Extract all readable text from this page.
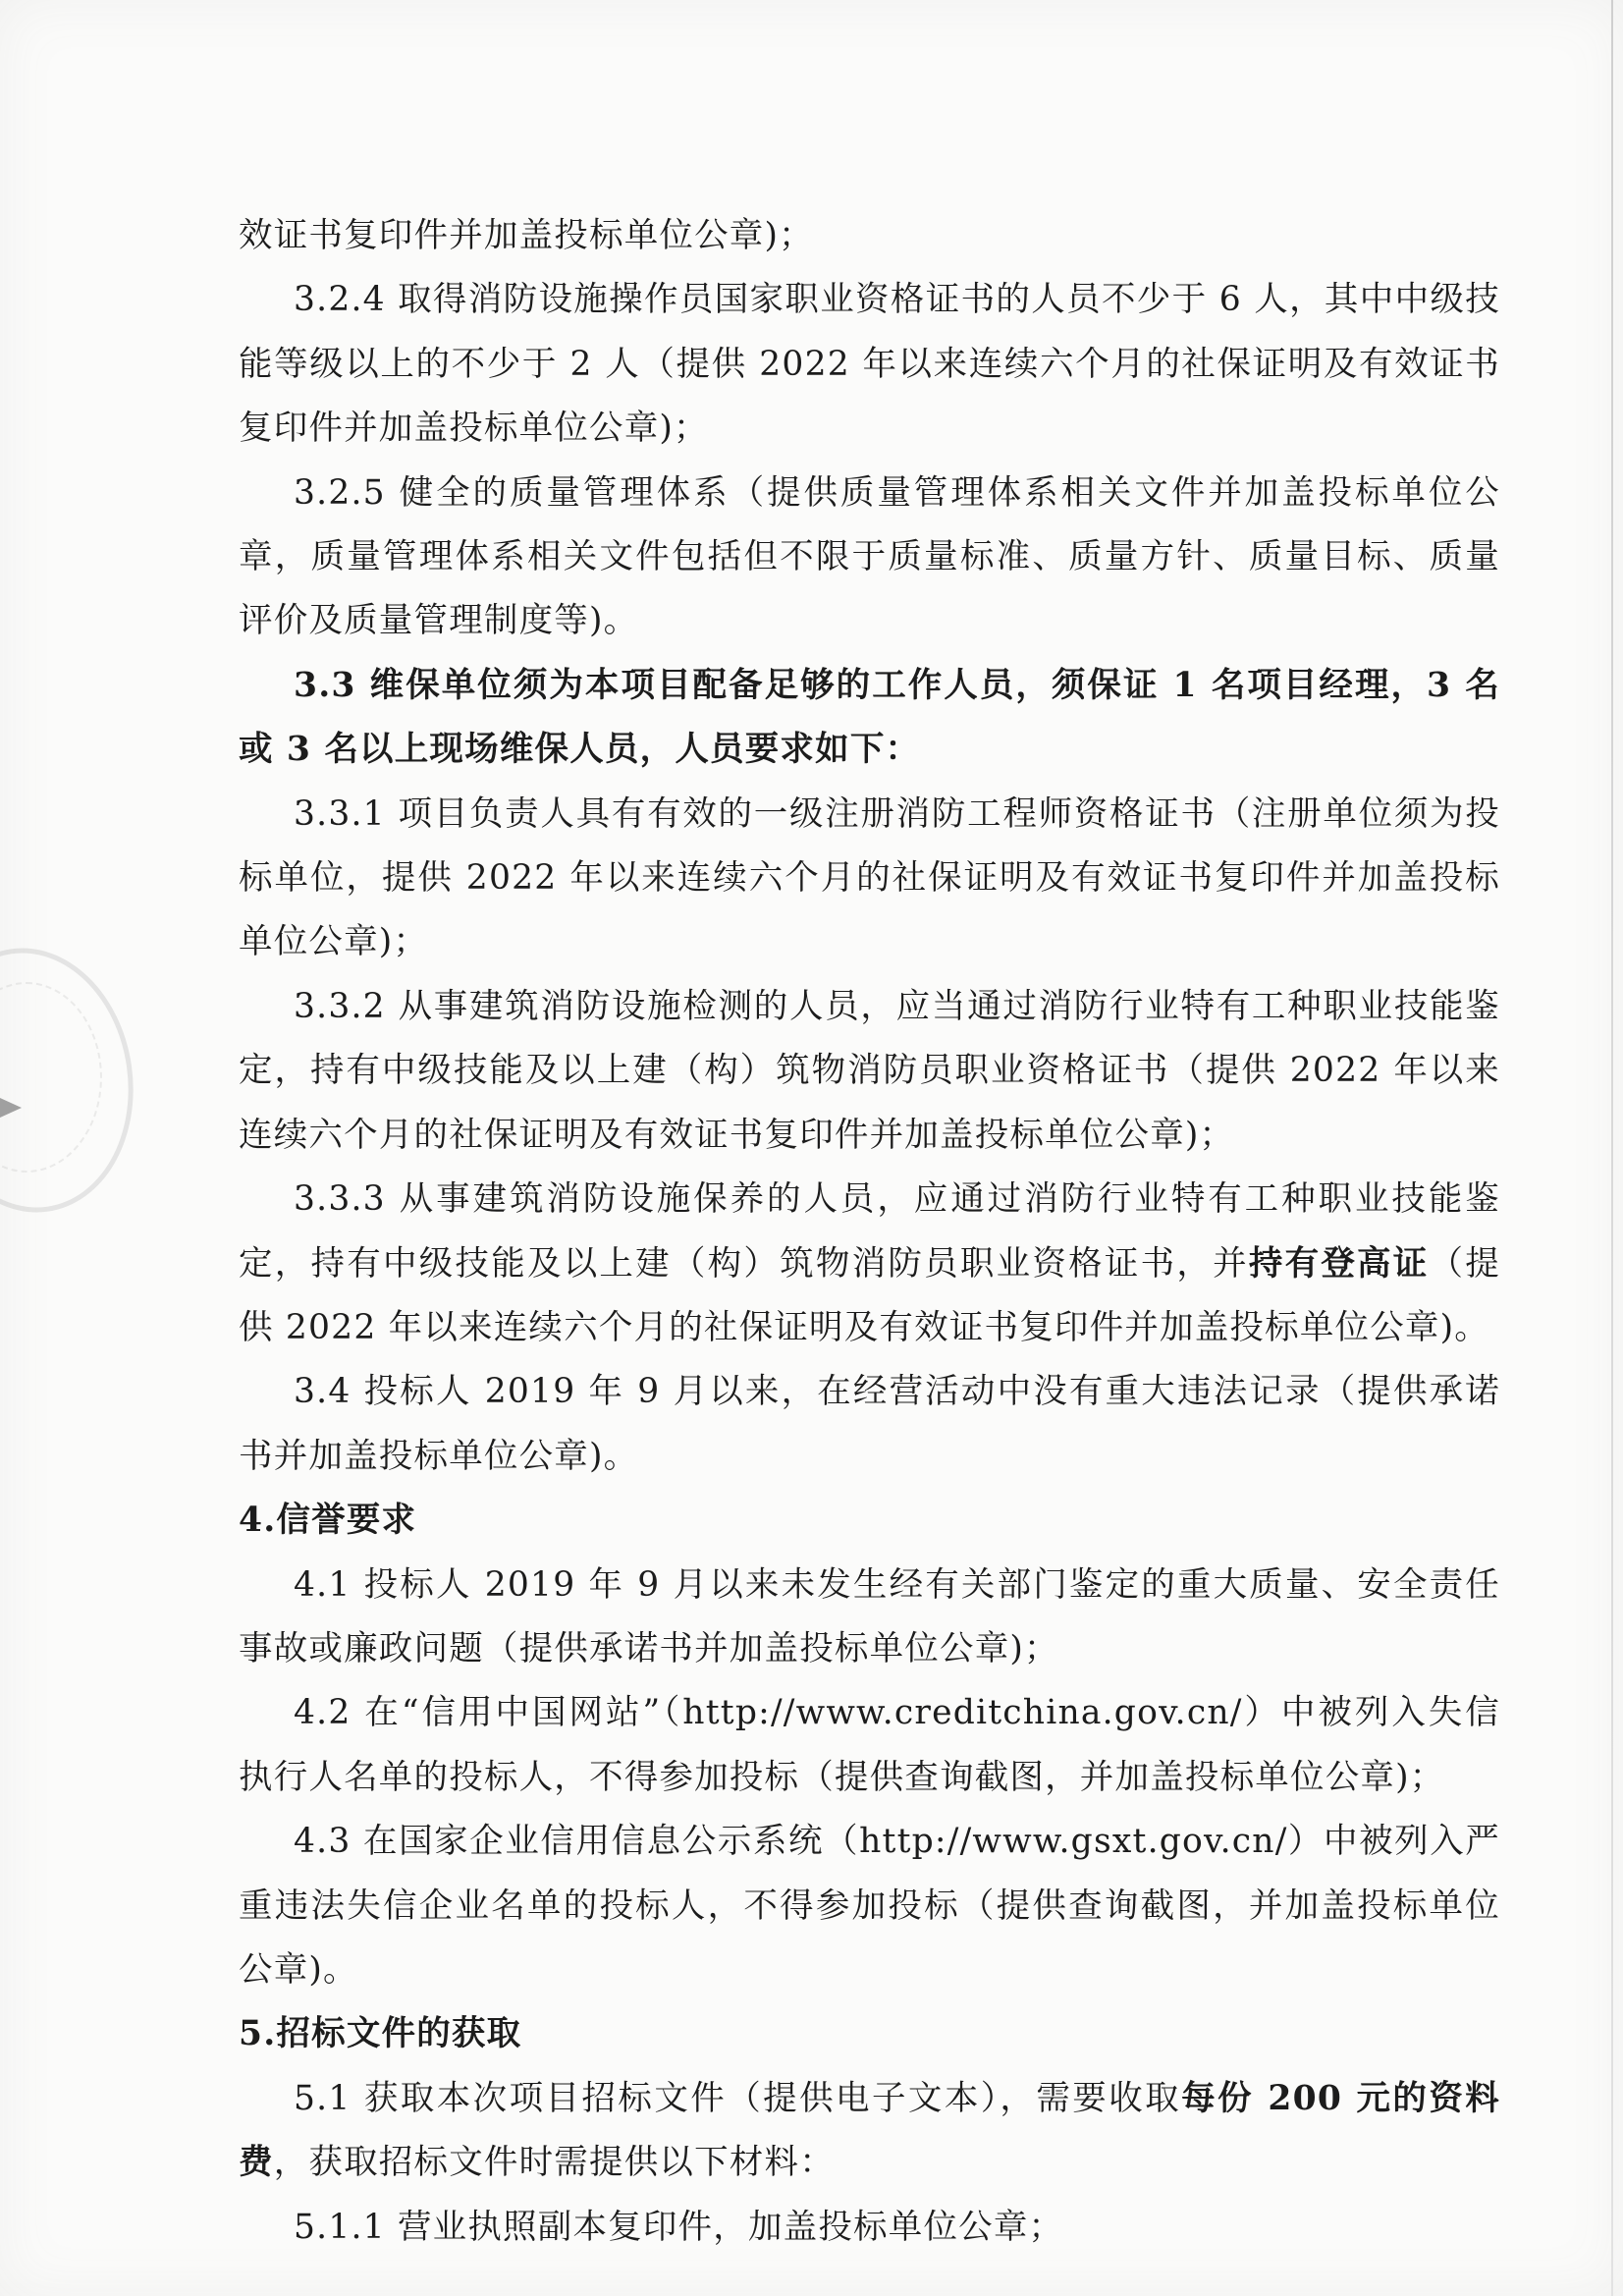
效证书复印件并加盖投标单位公章)；

3.2.4 取得消防设施操作员国家职业资格证书的人员不少于 6 人，其中中级技能等级以上的不少于 2 人（提供 2022 年以来连续六个月的社保证明及有效证书复印件并加盖投标单位公章)；

3.2.5 健全的质量管理体系（提供质量管理体系相关文件并加盖投标单位公章，质量管理体系相关文件包括但不限于质量标准、质量方针、质量目标、质量评价及质量管理制度等)。

3.3 维保单位须为本项目配备足够的工作人员，须保证 1 名项目经理，3 名或 3 名以上现场维保人员，人员要求如下：

3.3.1 项目负责人具有有效的一级注册消防工程师资格证书（注册单位须为投标单位，提供 2022 年以来连续六个月的社保证明及有效证书复印件并加盖投标单位公章)；

3.3.2 从事建筑消防设施检测的人员，应当通过消防行业特有工种职业技能鉴定，持有中级技能及以上建（构）筑物消防员职业资格证书（提供 2022 年以来连续六个月的社保证明及有效证书复印件并加盖投标单位公章)；

3.3.3 从事建筑消防设施保养的人员，应通过消防行业特有工种职业技能鉴定，持有中级技能及以上建（构）筑物消防员职业资格证书，并持有登高证（提供 2022 年以来连续六个月的社保证明及有效证书复印件并加盖投标单位公章)。

3.4 投标人 2019 年 9 月以来，在经营活动中没有重大违法记录（提供承诺书并加盖投标单位公章)。

4.信誉要求

4.1 投标人 2019 年 9 月以来未发生经有关部门鉴定的重大质量、安全责任事故或廉政问题（提供承诺书并加盖投标单位公章)；

4.2 在“信用中国网站”（http://www.creditchina.gov.cn/）中被列入失信执行人名单的投标人，不得参加投标（提供查询截图，并加盖投标单位公章)；

4.3 在国家企业信用信息公示系统（http://www.gsxt.gov.cn/）中被列入严重违法失信企业名单的投标人，不得参加投标（提供查询截图，并加盖投标单位公章)。

5.招标文件的获取

5.1 获取本次项目招标文件（提供电子文本），需要收取每份 200 元的资料费，获取招标文件时需提供以下材料：

5.1.1 营业执照副本复印件，加盖投标单位公章；
